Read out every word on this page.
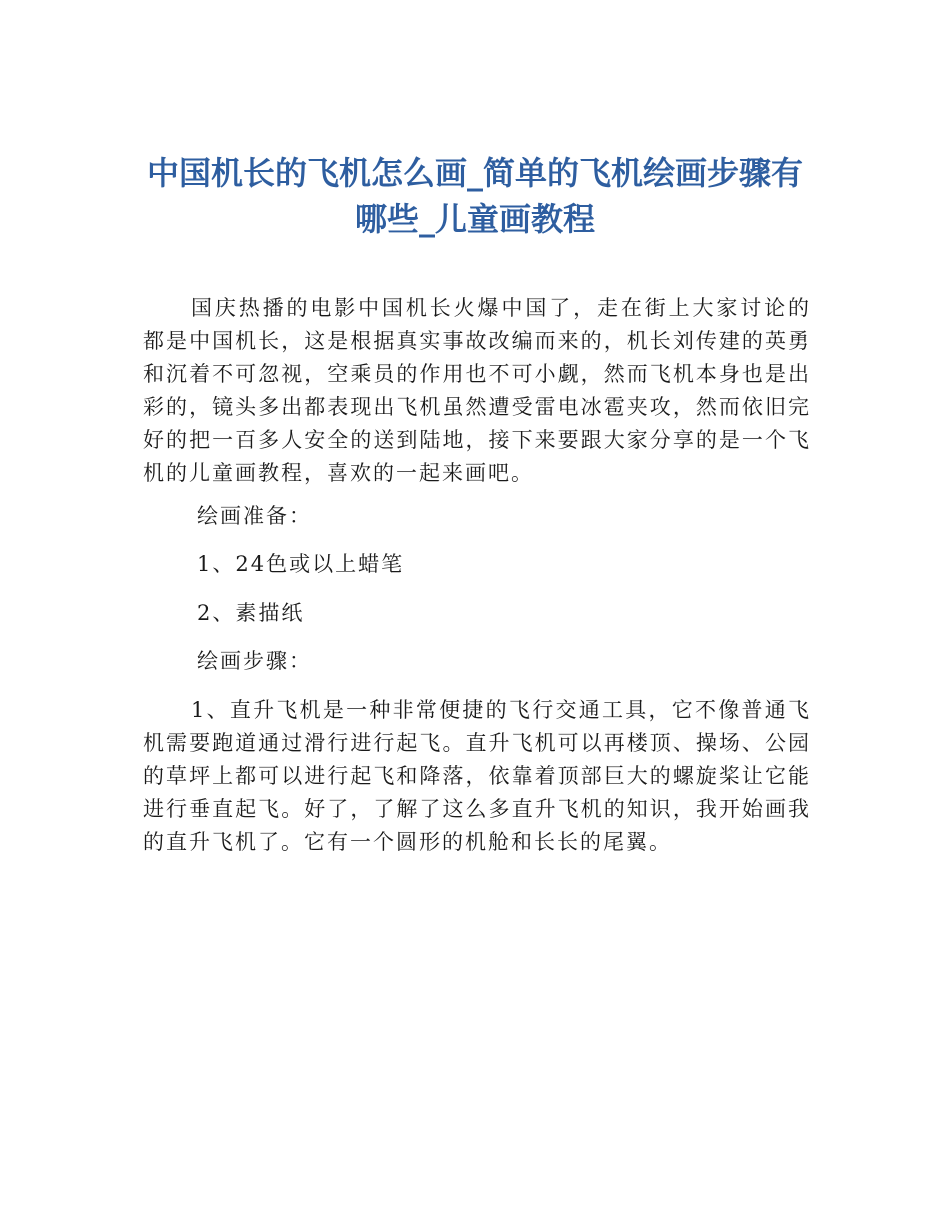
中国机长的飞机怎么画_简单的飞机绘画步骤有哪些_儿童画教程

国庆热播的电影中国机长火爆中国了，走在街上大家讨论的都是中国机长，这是根据真实事故改编而来的，机长刘传建的英勇和沉着不可忽视，空乘员的作用也不可小觑，然而飞机本身也是出彩的，镜头多出都表现出飞机虽然遭受雷电冰雹夹攻，然而依旧完好的把一百多人安全的送到陆地，接下来要跟大家分享的是一个飞机的儿童画教程，喜欢的一起来画吧。

绘画准备：

1、24色或以上蜡笔

2、素描纸

绘画步骤：

1、直升飞机是一种非常便捷的飞行交通工具，它不像普通飞机需要跑道通过滑行进行起飞。直升飞机可以再楼顶、操场、公园的草坪上都可以进行起飞和降落，依靠着顶部巨大的螺旋桨让它能进行垂直起飞。好了，了解了这么多直升飞机的知识，我开始画我的直升飞机了。它有一个圆形的机舱和长长的尾翼。
